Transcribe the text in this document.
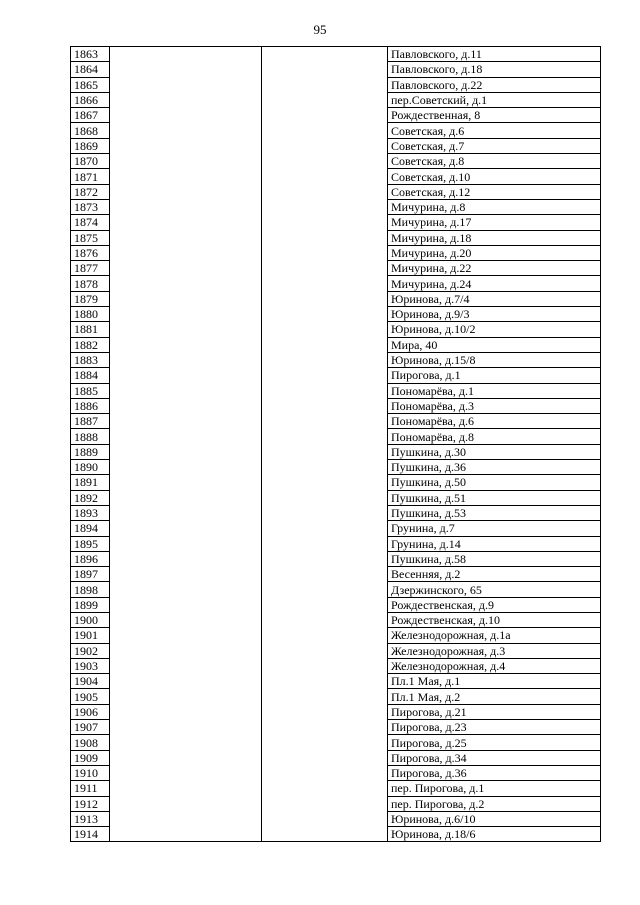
95
1863			Павловского, д.11
1864			Павловского, д.18
1865			Павловского, д.22
1866			пер.Советский, д.1
1867			Рождественная, 8
1868			Советская, д.6
1869			Советская, д.7
1870			Советская, д.8
1871			Советская, д.10
1872			Советская, д.12
1873			Мичурина, д.8
1874			Мичурина, д.17
1875			Мичурина, д.18
1876			Мичурина, д.20
1877			Мичурина, д.22
1878			Мичурина, д.24
1879			Юринова, д.7/4
1880			Юринова, д.9/3
1881			Юринова, д.10/2
1882			Мира, 40
1883			Юринова, д.15/8
1884			Пирогова, д.1
1885			Пономарёва, д.1
1886			Пономарёва, д.3
1887			Пономарёва, д.6
1888			Пономарёва, д.8
1889			Пушкина, д.30
1890			Пушкина, д.36
1891			Пушкина, д.50
1892			Пушкина, д.51
1893			Пушкина, д.53
1894			Грунина, д.7
1895			Грунина, д.14
1896			Пушкина, д.58
1897			Весенняя, д.2
1898			Дзержинского, 65
1899			Рождественская, д.9
1900			Рождественская, д.10
1901			Железнодорожная, д.1а
1902			Железнодорожная, д.3
1903			Железнодорожная, д.4
1904			Пл.1 Мая, д.1
1905			Пл.1 Мая, д.2
1906			Пирогова, д.21
1907			Пирогова, д.23
1908			Пирогова, д.25
1909			Пирогова, д.34
1910			Пирогова, д.36
1911			пер. Пирогова, д.1
1912			пер. Пирогова, д.2
1913			Юринова, д.6/10
1914			Юринова, д.18/6
